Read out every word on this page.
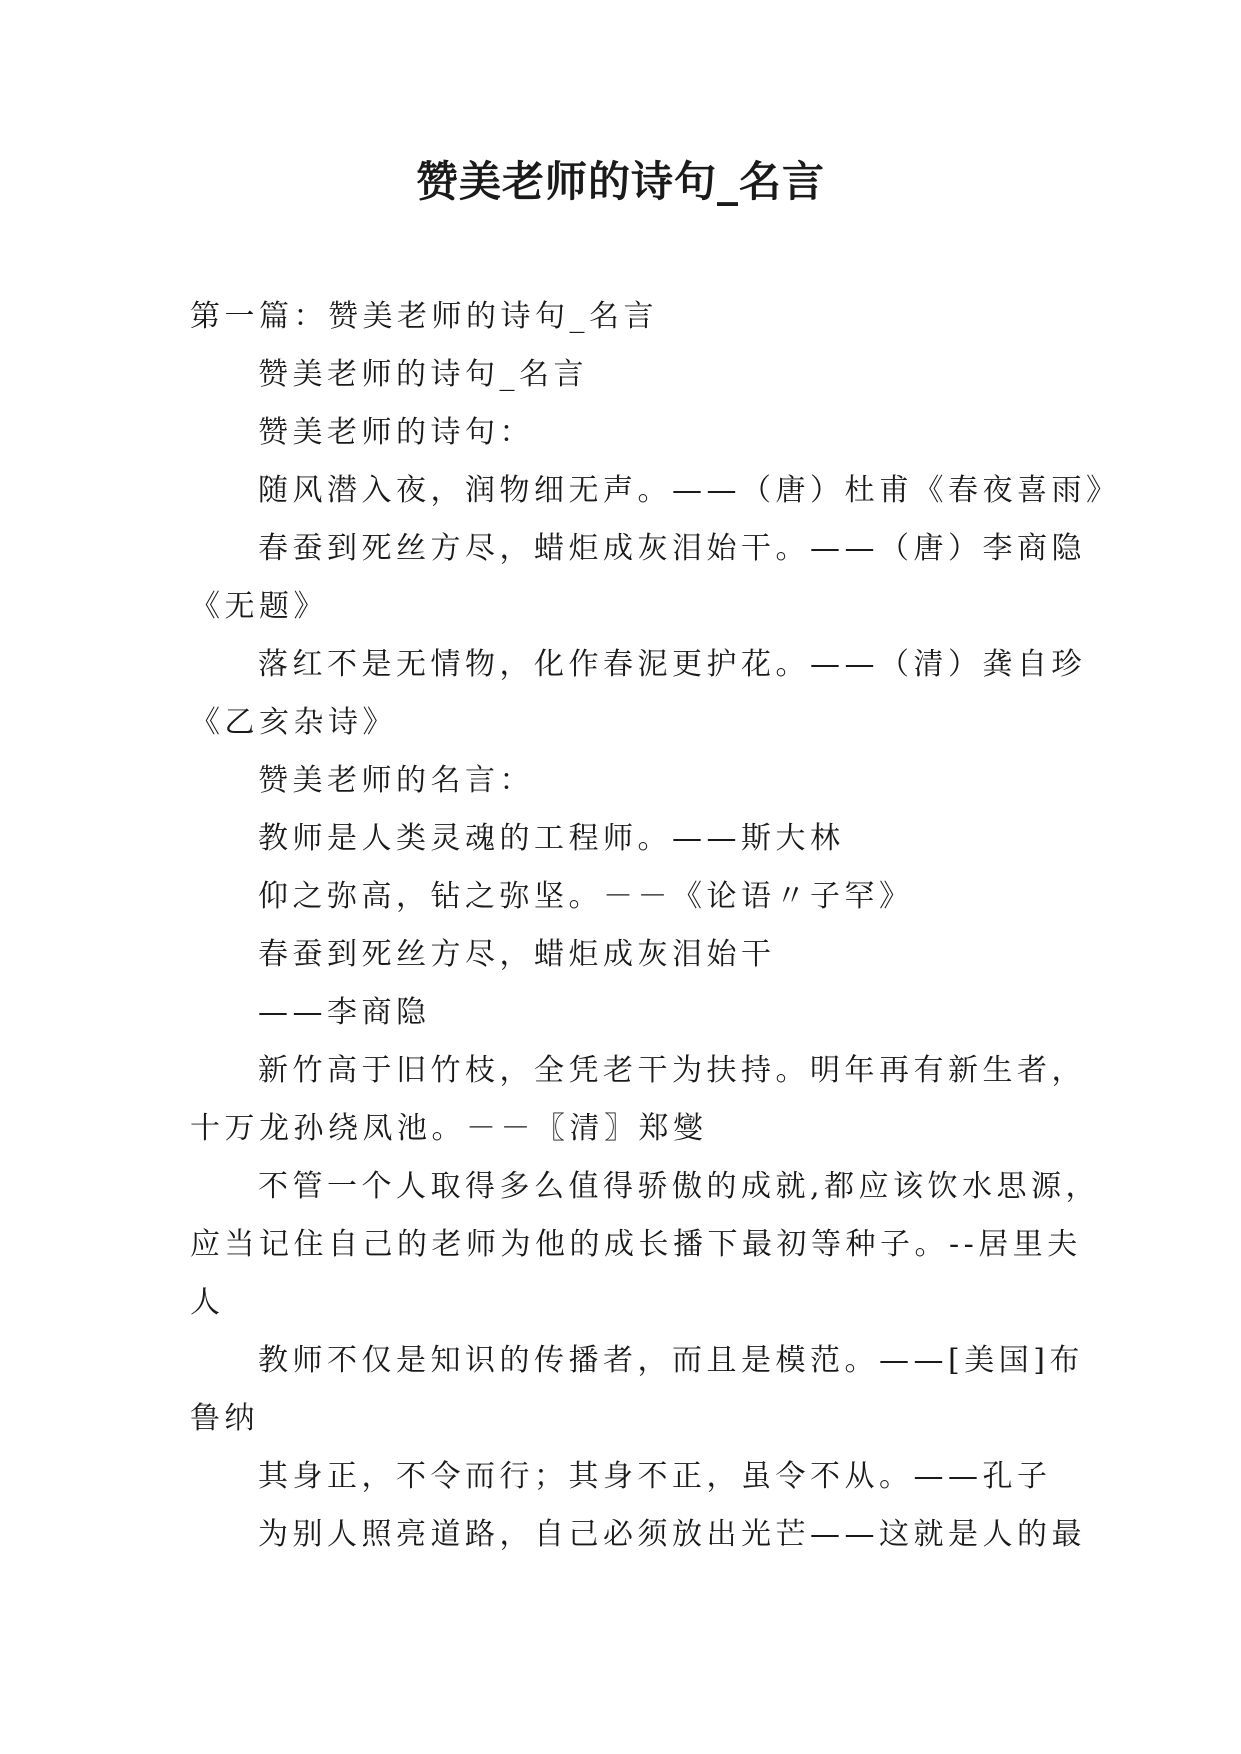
赞美老师的诗句_名言

第一篇：赞美老师的诗句_名言

赞美老师的诗句_名言

赞美老师的诗句：

随风潜入夜，润物细无声。——（唐）杜甫《春夜喜雨》

春蚕到死丝方尽，蜡炬成灰泪始干。——（唐）李商隐

《无题》

落红不是无情物，化作春泥更护花。——（清）龚自珍

《乙亥杂诗》

赞美老师的名言：

教师是人类灵魂的工程师。——斯大林

仰之弥高，钻之弥坚。－－《论语〃子罕》

春蚕到死丝方尽，蜡炬成灰泪始干

——李商隐

新竹高于旧竹枝，全凭老干为扶持。明年再有新生者，

十万龙孙绕凤池。－－〖清〗郑燮

不管一个人取得多么值得骄傲的成就,都应该饮水思源，

应当记住自己的老师为他的成长播下最初等种子。--居里夫

人

教师不仅是知识的传播者，而且是模范。——[美国]布

鲁纳

其身正，不令而行；其身不正，虽令不从。——孔子

为别人照亮道路，自己必须放出光芒——这就是人的最
